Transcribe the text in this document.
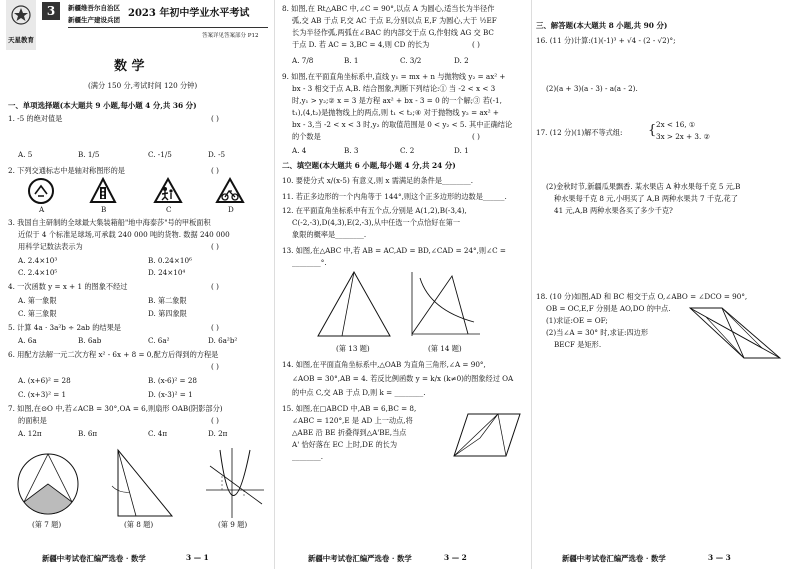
天星教育
3	新疆维吾尔自治区
新疆生产建设兵团
2023 年初中学业水平考试
答案详见答案部分 P12
数 学
(满分 150 分,考试时间 120 分钟)
一、单项选择题(本大题共 9 小题,每小题 4 分,共 36 分)
1. -5 的绝对值是	( )
A. 5	B. 1/5	C. -1/5	D. -5
2. 下列交通标志中是轴对称图形的是	( )
A	B	C	D
3. 我国自主研制的全球最大集装箱船"地中海泰莎"号的甲板面积
近似于 4 个标准足球场,可承载 240 000 吨的货物. 数据 240 000
用科学记数法表示为	( )
A. 2.4×10³	B. 0.24×10⁶
C. 2.4×10⁵	D. 24×10⁴
4. 一次函数 y = x + 1 的图象不经过	( )
A. 第一象限	B. 第二象限
C. 第三象限	D. 第四象限
5. 计算 4a · 3a²b ÷ 2ab 的结果是	( )
A. 6a	B. 6ab	C. 6a²	D. 6a²b²
6. 用配方法解一元二次方程 x² - 6x + 8 = 0,配方后得到的方程是
( )
A. (x+6)² = 28	B. (x-6)² = 28
C. (x+3)² = 1	D. (x-3)² = 1
7. 如图,在⊙O 中,若∠ACB = 30°,OA = 6,则扇形 OAB(阴影部分)
的面积是	( )
A. 12π	B. 6π	C. 4π	D. 2π
(第 7 题)	(第 8 题)	(第 9 题)
新疆中考试卷汇编严选卷 · 数学	3 — 1
8. 如图,在 Rt△ABC 中,∠C = 90°,以点 A 为圆心,适当长为半径作
弧,交 AB 于点 F,交 AC 于点 E,分别以点 E,F 为圆心,大于 ½EF
长为半径作弧,两弧在∠BAC 的内部交于点 G,作射线 AG 交 BC
于点 D. 若 AC = 3,BC = 4,则 CD 的长为	( )
A. 7/8	B. 1	C. 3/2	D. 2
9. 如图,在平面直角坐标系中,直线 y₁ = mx + n 与抛物线 y₂ = ax² +
bx - 3 相交于点 A,B. 结合图象,判断下列结论:① 当 -2 < x < 3
时,y₁ > y₂;② x = 3 是方程 ax² + bx - 3 = 0 的一个解;③ 若(-1,
t₁),(4,t₂)是抛物线上的两点,则 t₁ < t₂;④ 对于抛物线 y₂ = ax² +
bx - 3,当 -2 < x < 3 时,y₂ 的取值范围是 0 < y₂ < 5. 其中正确结论
的个数是	( )
A. 4	B. 3	C. 2	D. 1
二、填空题(本大题共 6 小题,每小题 4 分,共 24 分)
10. 要使分式 x/(x-5) 有意义,则 x 需满足的条件是________.
11. 若正多边形的一个内角等于 144°,则这个正多边形的边数是______.
12. 在平面直角坐标系中有五个点,分别是 A(1,2),B(-3,4),
C(-2,-3),D(4,3),E(2,-3),从中任选一个点恰好在第一
象限的概率是________.
13. 如图,在△ABC 中,若 AB = AC,AD = BD,∠CAD = 24°,则∠C =
________°.
(第 13 题)	(第 14 题)
14. 如图,在平面直角坐标系中,△OAB 为直角三角形,∠A = 90°,
∠AOB = 30°,AB = 4. 若反比例函数 y = k/x (k≠0)的图象经过 OA
的中点 C,交 AB 于点 D,则 k = ________.
15. 如图,在□ABCD 中,AB = 6,BC = 8,
∠ABC = 120°,E 是 AD 上一动点,将
△ABE 沿 BE 折叠得到△A'BE,当点
A' 恰好落在 EC 上时,DE 的长为
________.
新疆中考试卷汇编严选卷 · 数学	3 — 2
三、解答题(本大题共 8 小题,共 90 分)
16. (11 分)计算:(1)(-1)³ + √4 - (2 - √2)°;
(2)(a + 3)(a - 3) - a(a - 2).
17. (12 分)(1)解不等式组: { 2x < 16, ①
3x > 2x + 3. ②
(2)金秋时节,新疆瓜果飘香. 某水果店 A 种水果每千克 5 元,B
种水果每千克 8 元,小明买了 A,B 两种水果共 7 千克,花了
41 元,A,B 两种水果各买了多少千克?
18. (10 分)如图,AD 和 BC 相交于点 O,∠ABO = ∠DCO = 90°,
OB = OC,E,F 分别是 AO,DO 的中点.
(1)求证:OE = OF;
(2)当∠A = 30° 时,求证:四边形
BECF 是矩形.
新疆中考试卷汇编严选卷 · 数学	3 — 3
